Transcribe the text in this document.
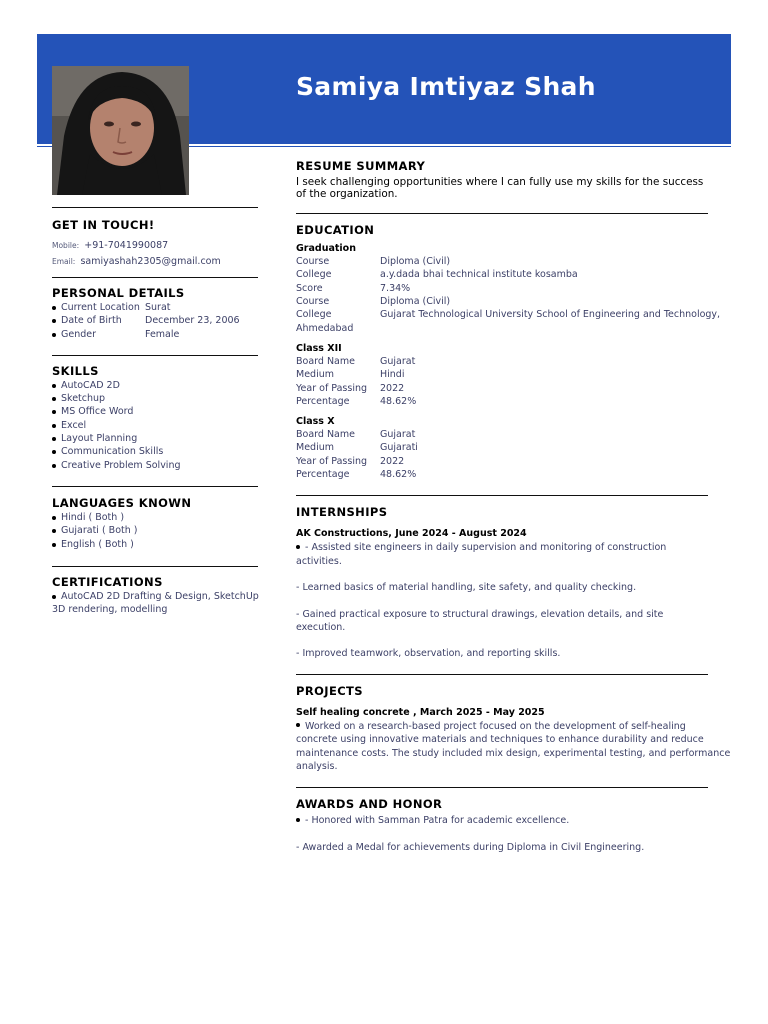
Samiya Imtiyaz Shah
GET IN TOUCH!
Mobile: +91-7041990087
Email: samiyashah2305@gmail.com
PERSONAL DETAILS
Current Location Surat
Date of Birth December 23, 2006
Gender	Female
SKILLS
AutoCAD 2D
Sketchup
MS Office Word
Excel
Layout Planning
Communication Skills
Creative Problem Solving
LANGUAGES KNOWN
Hindi ( Both )
Gujarati ( Both )
English ( Both )
CERTIFICATIONS
AutoCAD 2D Drafting & Design, SketchUp
3D rendering, modelling
RESUME SUMMARY
I seek challenging opportunities where I can fully use my skills for the success of the organization.
EDUCATION
Graduation
Course	Diploma (Civil)
College	a.y.dada bhai technical institute kosamba
Score	7.34%
Course	Diploma (Civil)
College	Gujarat Technological University School of Engineering and Technology,
Ahmedabad
Class XII
Board Name	Gujarat
Medium	Hindi
Year of Passing	2022
Percentage	48.62%
Class X
Board Name	Gujarat
Medium	Gujarati
Year of Passing	2022
Percentage	48.62%
INTERNSHIPS
AK Constructions, June 2024 - August 2024
- Assisted site engineers in daily supervision and monitoring of construction activities.
- Learned basics of material handling, site safety, and quality checking.
- Gained practical exposure to structural drawings, elevation details, and site execution.
- Improved teamwork, observation, and reporting skills.
PROJECTS
Self healing concrete , March 2025 - May 2025
Worked on a research-based project focused on the development of self-healing
concrete using innovative materials and techniques to enhance durability and reduce
maintenance costs. The study included mix design, experimental testing, and performance
analysis.
AWARDS AND HONOR
- Honored with Samman Patra for academic excellence.
- Awarded a Medal for achievements during Diploma in Civil Engineering.
